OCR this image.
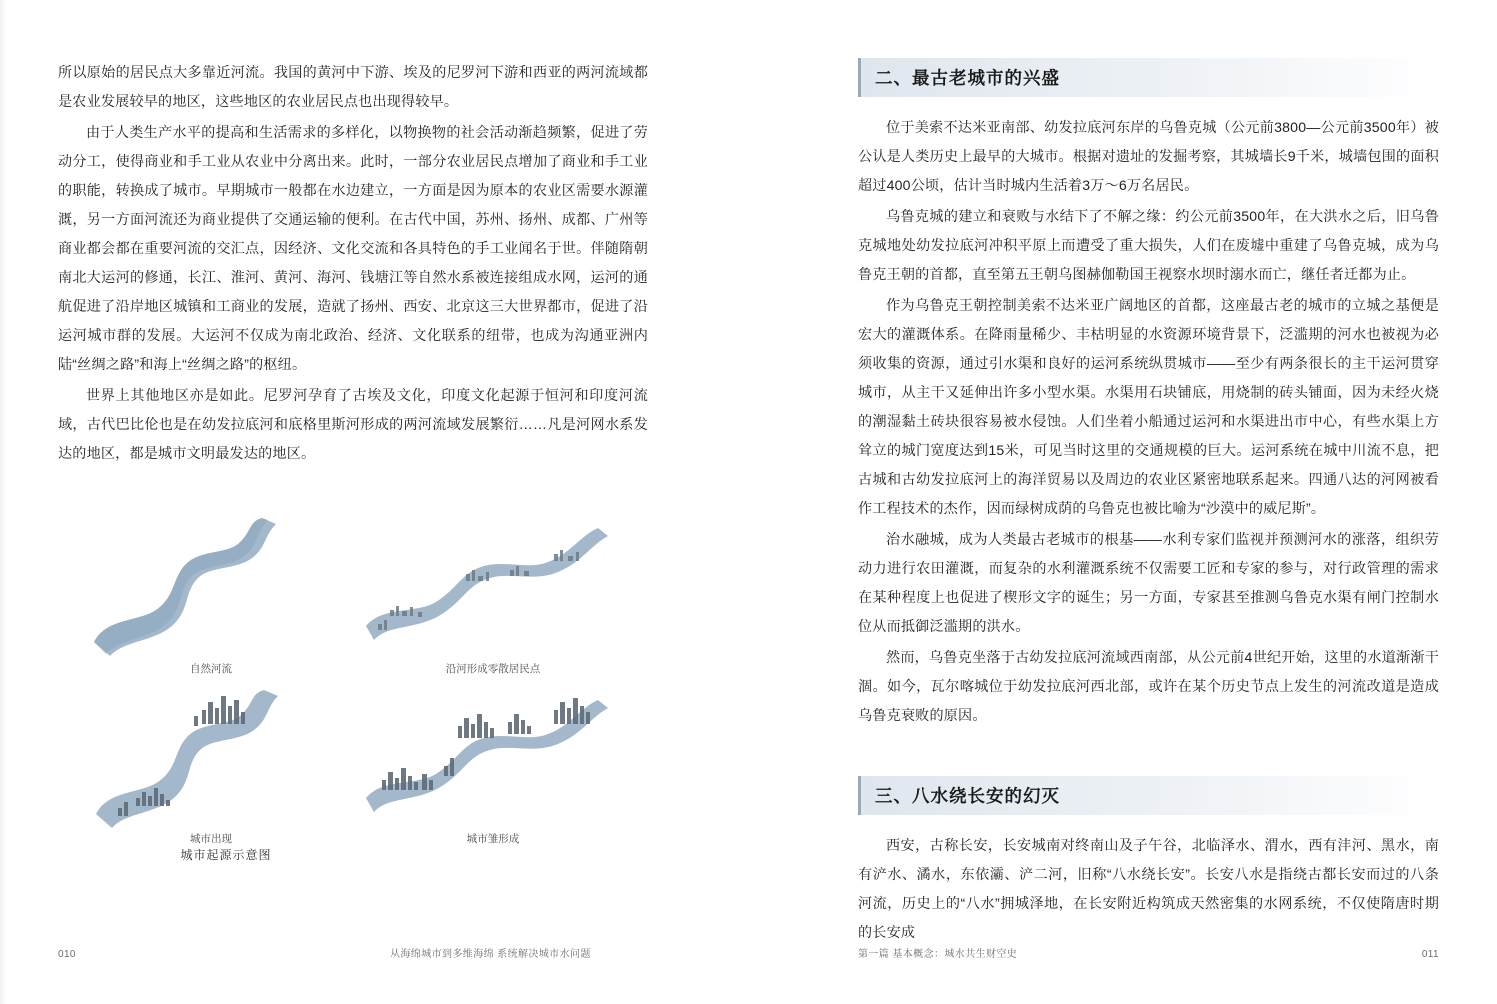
所以原始的居民点大多靠近河流。我国的黄河中下游、埃及的尼罗河下游和西亚的两河流域都是农业发展较早的地区，这些地区的农业居民点也出现得较早。

由于人类生产水平的提高和生活需求的多样化，以物换物的社会活动渐趋频繁，促进了劳动分工，使得商业和手工业从农业中分离出来。此时，一部分农业居民点增加了商业和手工业的职能，转换成了城市。早期城市一般都在水边建立，一方面是因为原本的农业区需要水源灌溉，另一方面河流还为商业提供了交通运输的便利。在古代中国，苏州、扬州、成都、广州等商业都会都在重要河流的交汇点，因经济、文化交流和各具特色的手工业闻名于世。伴随隋朝南北大运河的修通，长江、淮河、黄河、海河、钱塘江等自然水系被连接组成水网，运河的通航促进了沿岸地区城镇和工商业的发展，造就了扬州、西安、北京这三大世界都市，促进了沿运河城市群的发展。大运河不仅成为南北政治、经济、文化联系的纽带，也成为沟通亚洲内陆“丝绸之路”和海上“丝绸之路”的枢纽。

世界上其他地区亦是如此。尼罗河孕育了古埃及文化，印度文化起源于恒河和印度河流域，古代巴比伦也是在幼发拉底河和底格里斯河形成的两河流域发展繁衍……凡是河网水系发达的地区，都是城市文明最发达的地区。

自然河流	沿河形成零散居民点
城市出现	城市雏形成
城市起源示意图
010	从海绵城市到多维海绵 系统解决城市水问题
二、最古老城市的兴盛

位于美索不达米亚南部、幼发拉底河东岸的乌鲁克城（公元前3800—公元前3500年）被公认是人类历史上最早的大城市。根据对遗址的发掘考察，其城墙长9千米，城墙包围的面积超过400公顷，估计当时城内生活着3万～6万名居民。

乌鲁克城的建立和衰败与水结下了不解之缘：约公元前3500年，在大洪水之后，旧乌鲁克城地处幼发拉底河冲积平原上而遭受了重大损失，人们在废墟中重建了乌鲁克城，成为乌鲁克王朝的首都，直至第五王朝乌图赫伽勒国王视察水坝时溺水而亡，继任者迁都为止。

作为乌鲁克王朝控制美索不达米亚广阔地区的首都，这座最古老的城市的立城之基便是宏大的灌溉体系。在降雨量稀少、丰枯明显的水资源环境背景下，泛滥期的河水也被视为必须收集的资源，通过引水渠和良好的运河系统纵贯城市——至少有两条很长的主干运河贯穿城市，从主干又延伸出许多小型水渠。水渠用石块铺底，用烧制的砖头铺面，因为未经火烧的潮湿黏土砖块很容易被水侵蚀。人们坐着小船通过运河和水渠进出市中心，有些水渠上方耸立的城门宽度达到15米，可见当时这里的交通规模的巨大。运河系统在城中川流不息，把古城和古幼发拉底河上的海洋贸易以及周边的农业区紧密地联系起来。四通八达的河网被看作工程技术的杰作，因而绿树成荫的乌鲁克也被比喻为“沙漠中的威尼斯”。

治水融城，成为人类最古老城市的根基——水利专家们监视并预测河水的涨落，组织劳动力进行农田灌溉，而复杂的水利灌溉系统不仅需要工匠和专家的参与，对行政管理的需求在某种程度上也促进了楔形文字的诞生；另一方面，专家甚至推测乌鲁克水渠有闸门控制水位从而抵御泛滥期的洪水。

然而，乌鲁克坐落于古幼发拉底河流域西南部，从公元前4世纪开始，这里的水道渐渐干涸。如今，瓦尔喀城位于幼发拉底河西北部，或许在某个历史节点上发生的河流改道是造成乌鲁克衰败的原因。

三、八水绕长安的幻灭

西安，古称长安，长安城南对终南山及子午谷，北临泽水、渭水，西有沣河、黑水，南有浐水、潏水，东依灞、浐二河，旧称“八水绕长安”。长安八水是指绕古都长安而过的八条河流，历史上的“八水”拥城泽地，在长安附近构筑成天然密集的水网系统，不仅使隋唐时期的长安成

第一篇 基本概念：城水共生财空史	011
